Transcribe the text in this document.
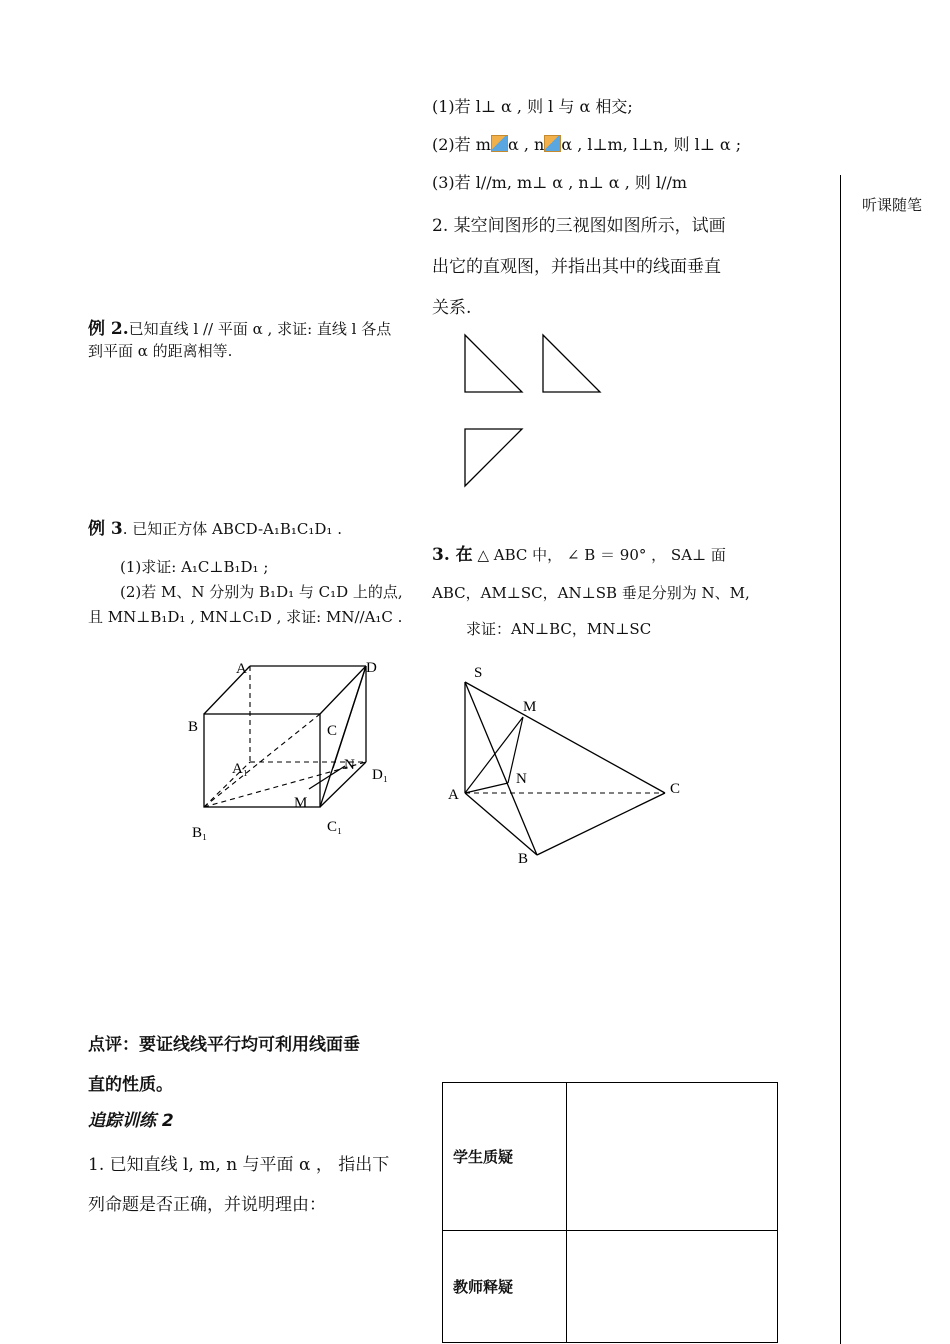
(1)若 l⊥ α , 则 l 与 α 相交;
(2)若 m α , n α , l⊥m, l⊥n, 则 l⊥ α ;
(3)若 l//m, m⊥ α , n⊥ α , 则 l//m
2. 某空间图形的三视图如图所示，试画
出它的直观图，并指出其中的线面垂直
关系.
3. 在 △ ABC 中， ∠ B ＝ 90° ， SA⊥ 面
ABC，AM⊥SC，AN⊥SB 垂足分别为 N、M,
求证：AN⊥BC，MN⊥SC
S
M
N
A	C
B
听课随笔
例 2.已知直线 l // 平面 α , 求证: 直线 l 各点
到平面 α 的距离相等.
例 3. 已知正方体 ABCD-A₁B₁C₁D₁ .
(1)求证: A₁C⊥B₁D₁ ;
(2)若 M、N 分别为 B₁D₁ 与 C₁D 上的点,
且 MN⊥B₁D₁ , MN⊥C₁D , 求证: MN//A₁C .
A	D
B	C
A₁	N
D₁
M
B₁	C₁
点评：要证线线平行均可利用线面垂
直的性质。
追踪训练 2
1. 已知直线 l, m, n 与平面 α ， 指出下
列命题是否正确，并说明理由：
学生质疑	
教师释疑	
